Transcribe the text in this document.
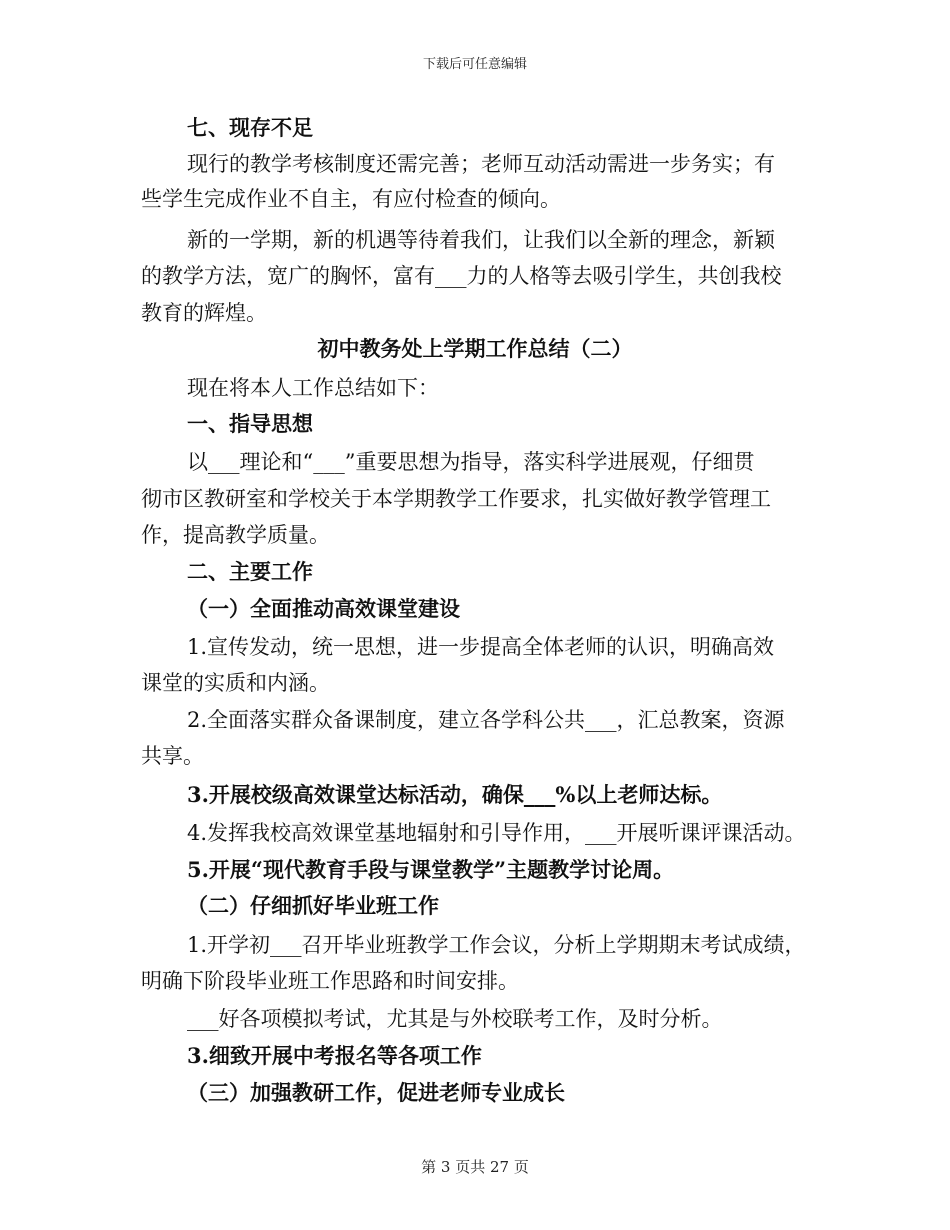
下载后可任意编辑
七、现存不足
现行的教学考核制度还需完善；老师互动活动需进一步务实；有
些学生完成作业不自主，有应付检查的倾向。
新的一学期，新的机遇等待着我们，让我们以全新的理念，新颖
的教学方法，宽广的胸怀，富有___力的人格等去吸引学生，共创我校
教育的辉煌。
初中教务处上学期工作总结（二）
现在将本人工作总结如下：
一、指导思想
以___理论和“___”重要思想为指导，落实科学进展观，仔细贯
彻市区教研室和学校关于本学期教学工作要求，扎实做好教学管理工
作，提高教学质量。
二、主要工作
（一）全面推动高效课堂建设
1.宣传发动，统一思想，进一步提高全体老师的认识，明确高效
课堂的实质和内涵。
2.全面落实群众备课制度，建立各学科公共___，汇总教案，资源
共享。
3.开展校级高效课堂达标活动，确保___%以上老师达标。
4.发挥我校高效课堂基地辐射和引导作用，___开展听课评课活动。
5.开展“现代教育手段与课堂教学”主题教学讨论周。
（二）仔细抓好毕业班工作
1.开学初___召开毕业班教学工作会议，分析上学期期末考试成绩，
明确下阶段毕业班工作思路和时间安排。
___好各项模拟考试，尤其是与外校联考工作，及时分析。
3.细致开展中考报名等各项工作
（三）加强教研工作，促进老师专业成长
第 3 页共 27 页
